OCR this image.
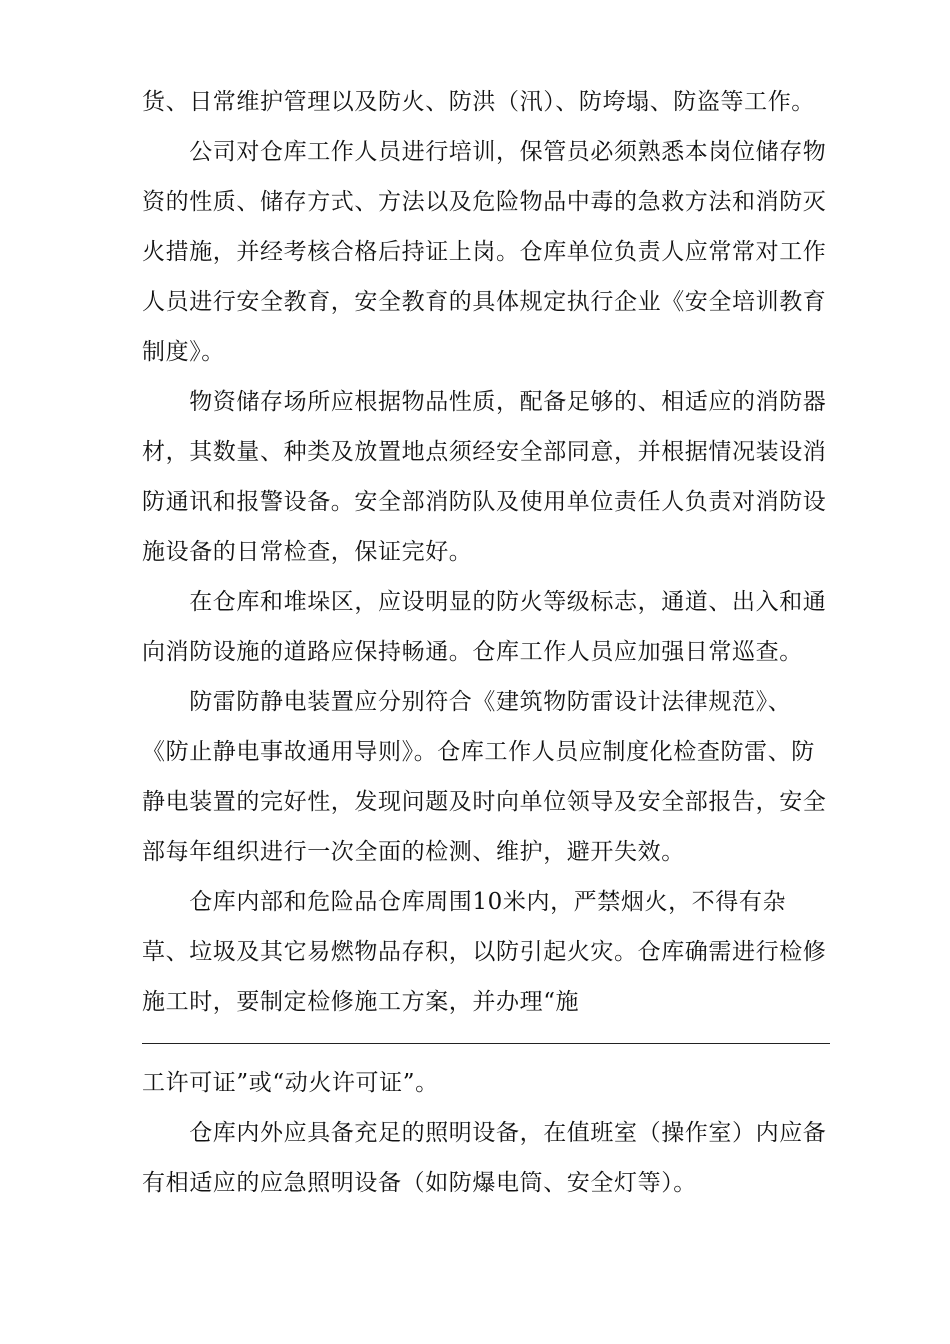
货、日常维护管理以及防火、防洪（汛）、防垮塌、防盗等工作。
　　公司对仓库工作人员进行培训，保管员必须熟悉本岗位储存物
资的性质、储存方式、方法以及危险物品中毒的急救方法和消防灭
火措施，并经考核合格后持证上岗。仓库单位负责人应常常对工作
人员进行安全教育，安全教育的具体规定执行企业《安全培训教育
制度》。
　　物资储存场所应根据物品性质，配备足够的、相适应的消防器
材，其数量、种类及放置地点须经安全部同意，并根据情况装设消
防通讯和报警设备。安全部消防队及使用单位责任人负责对消防设
施设备的日常检查，保证完好。
　　在仓库和堆垛区，应设明显的防火等级标志，通道、出入和通
向消防设施的道路应保持畅通。仓库工作人员应加强日常巡查。
　　防雷防静电装置应分别符合《建筑物防雷设计法律规范》、
《防止静电事故通用导则》。仓库工作人员应制度化检查防雷、防
静电装置的完好性，发现问题及时向单位领导及安全部报告，安全
部每年组织进行一次全面的检测、维护，避开失效。
　　仓库内部和危险品仓库周围10米内，严禁烟火，不得有杂
草、垃圾及其它易燃物品存积，以防引起火灾。仓库确需进行检修
施工时，要制定检修施工方案，并办理“施
工许可证”或“动火许可证”。
　　仓库内外应具备充足的照明设备，在值班室（操作室）内应备
有相适应的应急照明设备（如防爆电筒、安全灯等）。
